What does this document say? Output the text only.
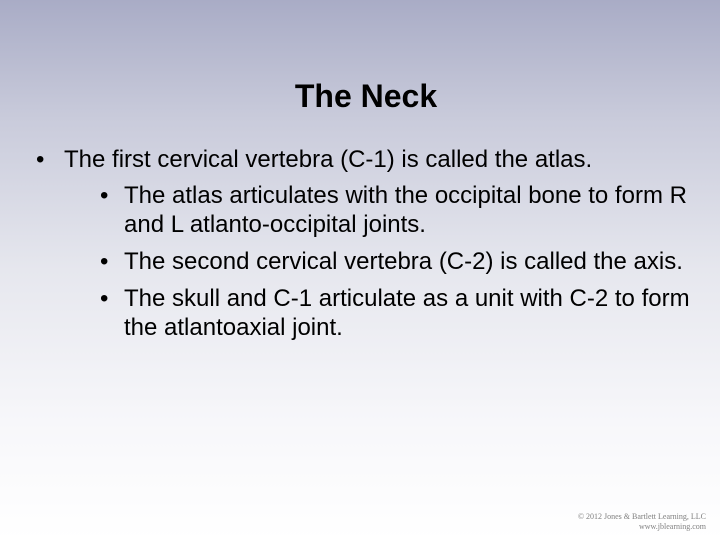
The Neck
• The first cervical vertebra (C-1) is called the atlas.
• The atlas articulates with the occipital bone to form R and L atlanto-occipital joints.
• The second cervical vertebra (C-2) is called the axis.
• The skull and C-1 articulate as a unit with C-2 to form the atlantoaxial joint.
© 2012 Jones & Bartlett Learning, LLC
www.jblearning.com
